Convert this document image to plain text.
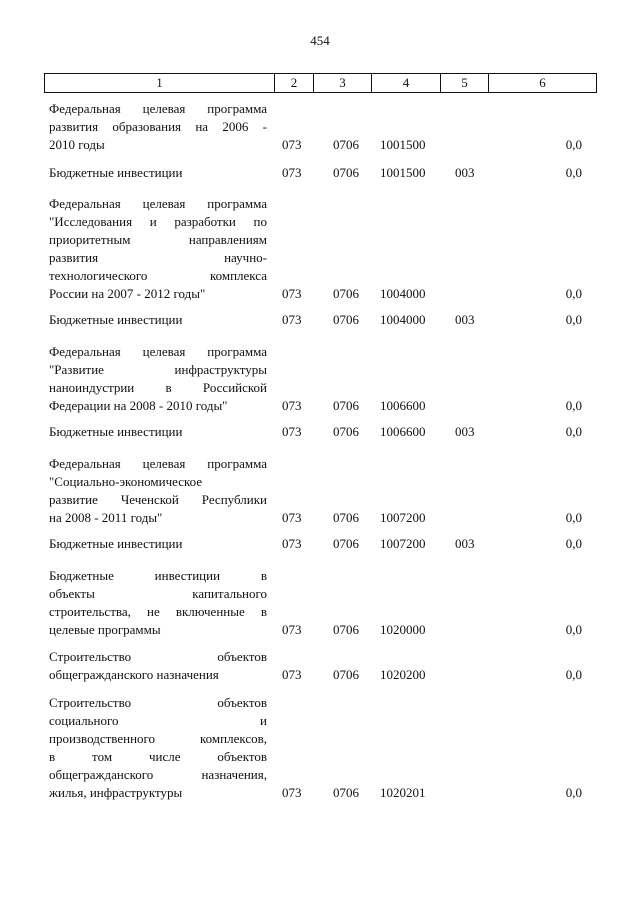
454
1	2	3	4	5	6
Федеральная целевая программа
развития образования на 2006 -
2010 годы	073 0706 1001500	0,0
Бюджетные инвестиции	073 0706 1001500 003	0,0
Федеральная целевая программа
"Исследования и разработки по
приоритетным направлениям
развития научно-
технологического комплекса
России на 2007 - 2012 годы"	073 0706 1004000	0,0
Бюджетные инвестиции	073 0706 1004000 003	0,0
Федеральная целевая программа
"Развитие инфраструктуры
наноиндустрии в Российской
Федерации на 2008 - 2010 годы"	073 0706 1006600	0,0
Бюджетные инвестиции	073 0706 1006600 003	0,0
Федеральная целевая программа
"Социально-экономическое
развитие Чеченской Республики
на 2008 - 2011 годы"	073 0706 1007200	0,0
Бюджетные инвестиции	073 0706 1007200 003	0,0
Бюджетные инвестиции в
объекты капитального
строительства, не включенные в
целевые программы	073 0706 1020000	0,0
Строительство объектов
общегражданского назначения	073 0706 1020200	0,0
Строительство объектов
социального и
производственного комплексов,
в том числе объектов
общегражданского назначения,
жилья, инфраструктуры	073 0706 1020201	0,0
